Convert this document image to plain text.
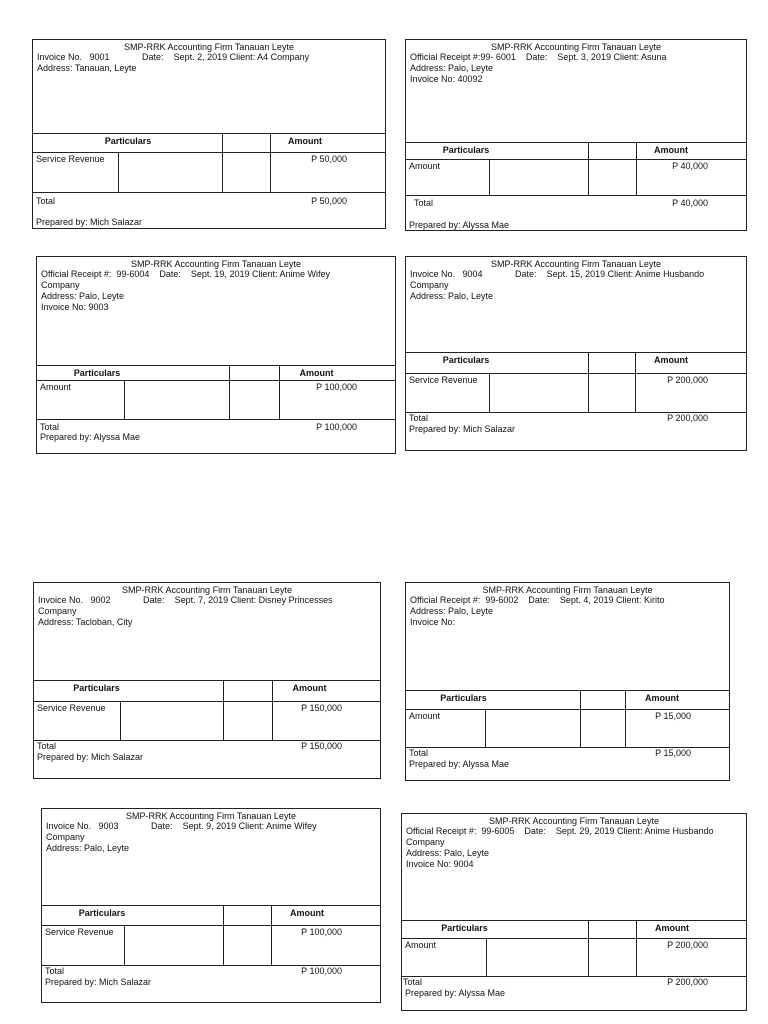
SMP-RRK Accounting Firm Tanauan Leyte
Invoice No.   9001             Date:    Sept. 2, 2019 Client: A4 Company
Address: Tanauan, Leyte
Particulars	Amount
Service Revenue	P 50,000
Total	P 50,000
Prepared by: Mich Salazar
SMP-RRK Accounting Firm Tanauan Leyte
Official Receipt #:99- 6001    Date:    Sept. 3, 2019 Client: Asuna
Address: Palo, Leyte
Invoice No: 40092
Particulars	Amount
Amount	P 40,000
Total	P 40,000
Prepared by: Alyssa Mae
SMP-RRK Accounting Firm Tanauan Leyte
Official Receipt #:  99-6004    Date:    Sept. 19, 2019 Client: Anime Wifey
Company
Address: Palo, Leyte
Invoice No: 9003
Particulars	Amount
Amount	P 100,000
Total	P 100,000
Prepared by: Alyssa Mae
SMP-RRK Accounting Firm Tanauan Leyte
Invoice No.   9004             Date:    Sept. 15, 2019 Client: Anime Husbando
Company
Address: Palo, Leyte
Particulars	Amount
Service Revenue	P 200,000
Total	P 200,000
Prepared by: Mich Salazar
SMP-RRK Accounting Firm Tanauan Leyte
Invoice No.   9002             Date:    Sept. 7, 2019 Client: Disney Princesses
Company
Address: Tacloban, City
Particulars	Amount
Service Revenue	P 150,000
Total	P 150,000
Prepared by: Mich Salazar
SMP-RRK Accounting Firm Tanauan Leyte
Official Receipt #:  99-6002    Date:    Sept. 4, 2019 Client: Kirito
Address: Palo, Leyte
Invoice No:
Particulars	Amount
Amount	P 15,000
Total	P 15,000
Prepared by: Alyssa Mae
SMP-RRK Accounting Firm Tanauan Leyte
Invoice No.   9003             Date:    Sept. 9, 2019 Client: Anime Wifey
Company
Address: Palo, Leyte
Particulars	Amount
Service Revenue	P 100,000
Total	P 100,000
Prepared by: Mich Salazar
SMP-RRK Accounting Firm Tanauan Leyte
Official Receipt #:  99-6005    Date:    Sept. 29, 2019 Client: Anime Husbando
Company
Address: Palo, Leyte
Invoice No: 9004
Particulars	Amount
Amount	P 200,000
Total	P 200,000
Prepared by: Alyssa Mae
